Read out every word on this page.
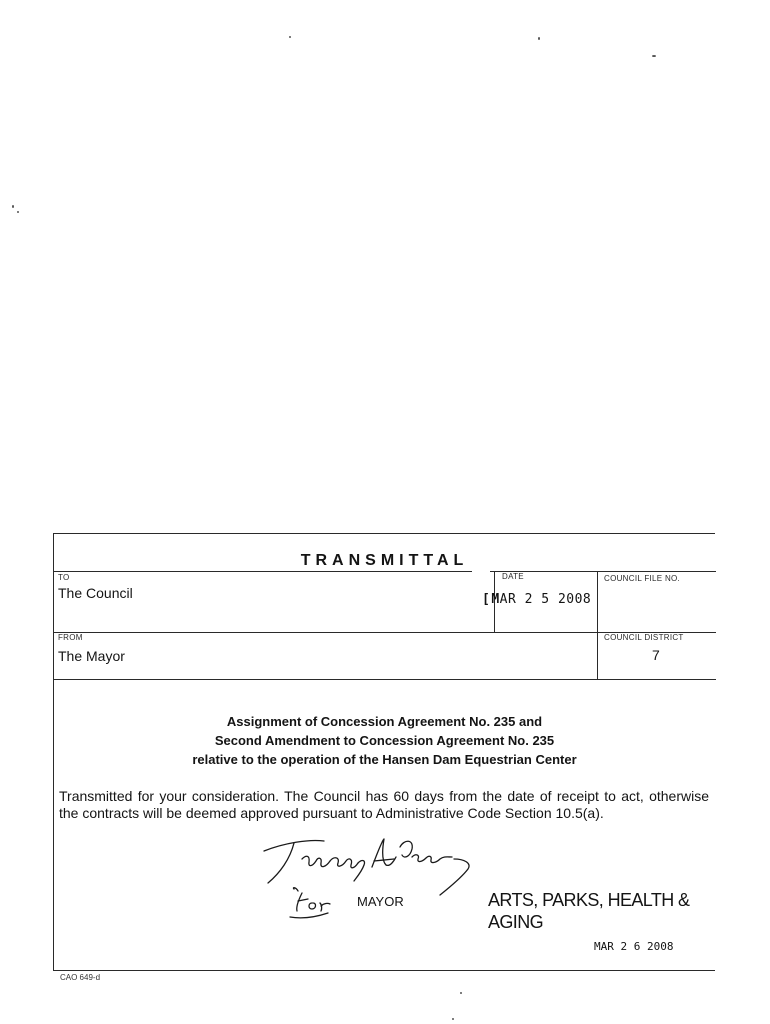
TRANSMITTAL
TO
The Council
DATE
[MAR 2 5 2008
COUNCIL FILE NO.
FROM
The Mayor
COUNCIL DISTRICT
7
Assignment of Concession Agreement No. 235 and
Second Amendment to Concession Agreement No. 235
relative to the operation of the Hansen Dam Equestrian Center
Transmitted for your consideration. The Council has 60 days from the date of receipt to act, otherwise the contracts will be deemed approved pursuant to Administrative Code Section 10.5(a).
MAYOR	ARTS, PARKS, HEALTH & AGING
MAR 2 6 2008
CAO 649-d
